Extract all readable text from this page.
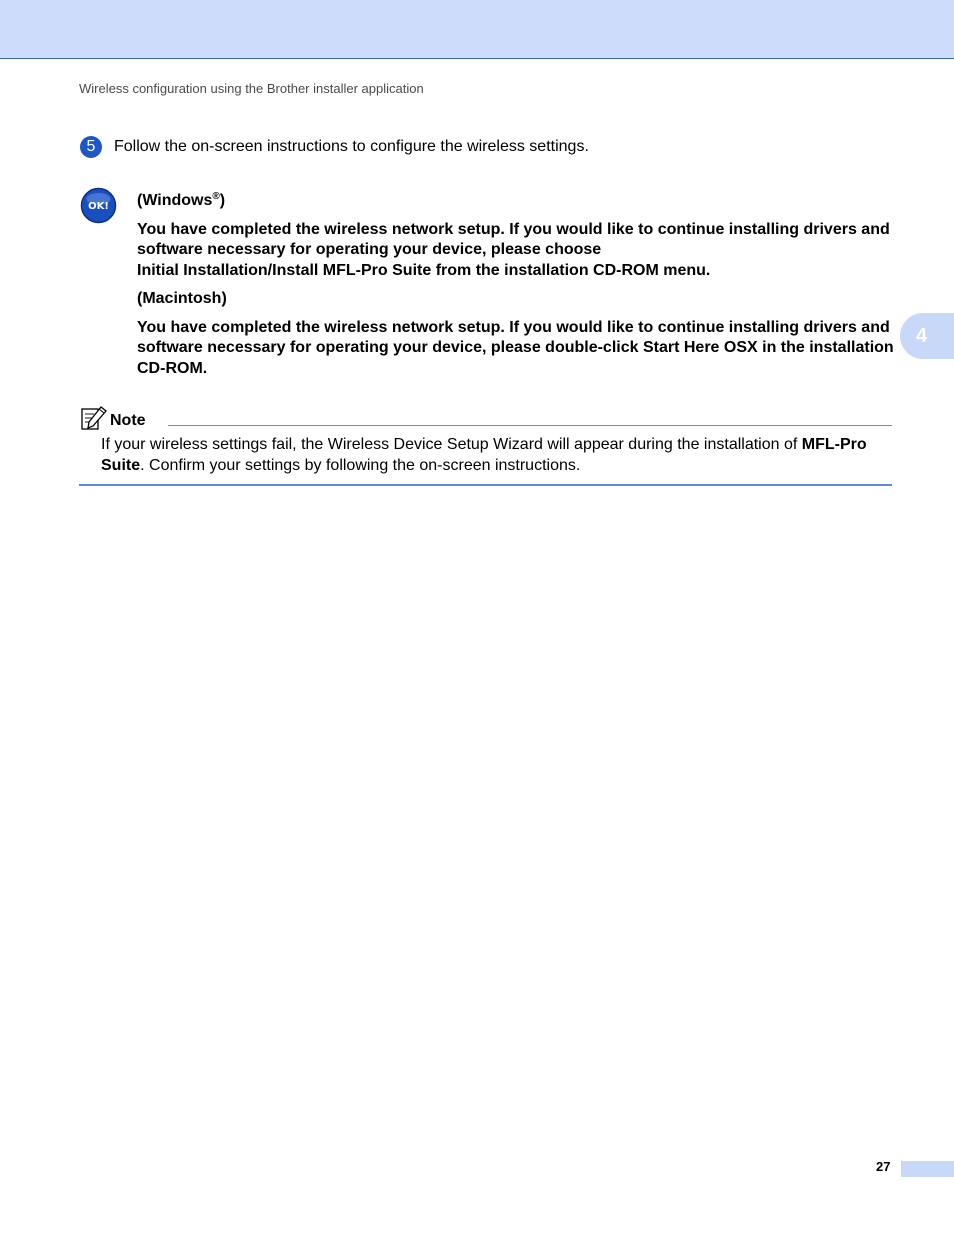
Wireless configuration using the Brother installer application
5	Follow the on-screen instructions to configure the wireless settings.
OK! (Windows®)

You have completed the wireless network setup. If you would like to continue installing drivers and software necessary for operating your device, please choose
Initial Installation/Install MFL-Pro Suite from the installation CD-ROM menu.

(Macintosh)

You have completed the wireless network setup. If you would like to continue installing drivers and software necessary for operating your device, please double-click Start Here OSX in the installation CD-ROM.

4
Note

If your wireless settings fail, the Wireless Device Setup Wizard will appear during the installation of MFL-Pro Suite. Confirm your settings by following the on-screen instructions.

27
